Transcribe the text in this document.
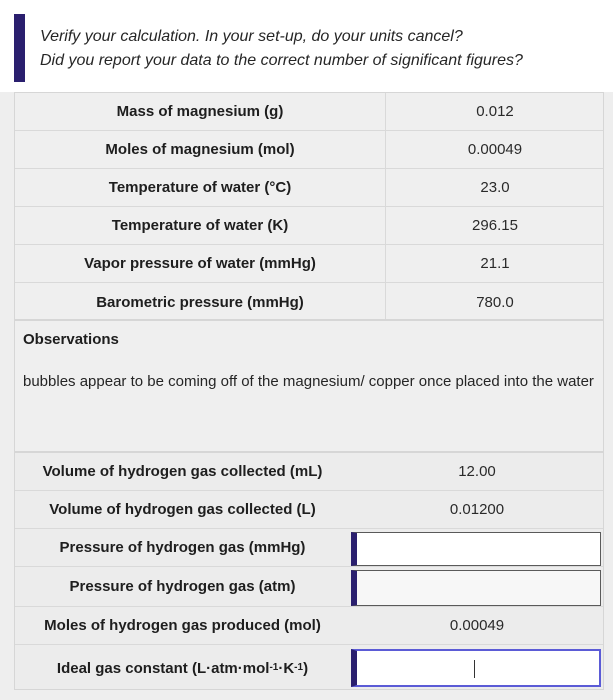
Verify your calculation. In your set-up, do your units cancel?
Did you report your data to the correct number of significant figures?
Mass of magnesium (g)	0.012
Moles of magnesium (mol)	0.00049
Temperature of water (°C)	23.0
Temperature of water (K)	296.15
Vapor pressure of water (mmHg)	21.1
Barometric pressure (mmHg)	780.0
Observations
bubbles appear to be coming off of the magnesium/ copper once placed into the water
Volume of hydrogen gas collected (mL)	12.00
Volume of hydrogen gas collected (L)	0.01200
Pressure of hydrogen gas (mmHg)
Pressure of hydrogen gas (atm)
Moles of hydrogen gas produced (mol)	0.00049
Ideal gas constant (L·atm·mol -1 ·K -1 )
